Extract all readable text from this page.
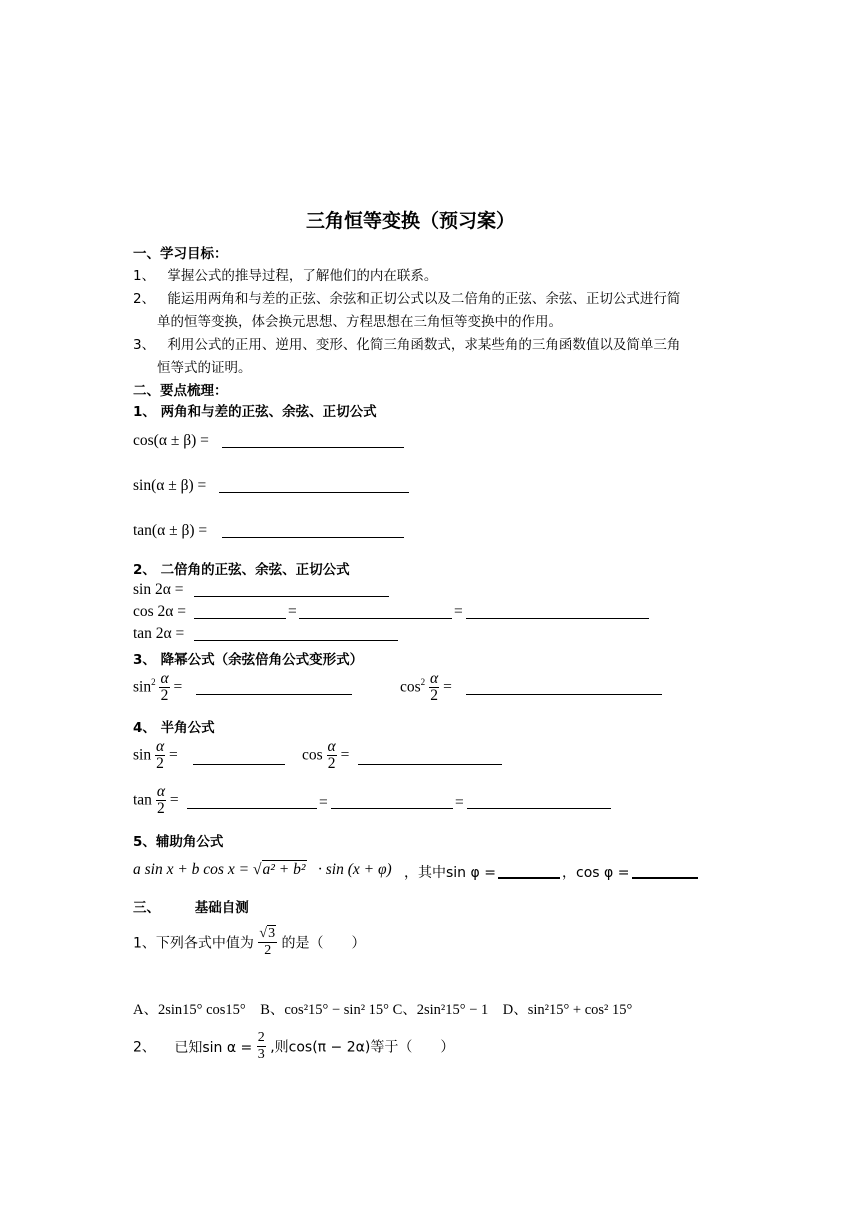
三角恒等变换（预习案）
一、学习目标：
1、 掌握公式的推导过程，了解他们的内在联系。
2、 能运用两角和与差的正弦、余弦和正切公式以及二倍角的正弦、余弦、正切公式进行简
单的恒等变换，体会换元思想、方程思想在三角恒等变换中的作用。
3、 利用公式的正用、逆用、变形、化简三角函数式，求某些角的三角函数值以及简单三角
恒等式的证明。
二、要点梳理：
1、 两角和与差的正弦、余弦、正切公式
cos(α ± β) =
sin(α ± β) =
tan(α ± β) =
2、 二倍角的正弦、余弦、正切公式
sin 2α =
cos 2α =	=	=
tan 2α =
3、 降幂公式（余弦倍角公式变形式）
$\sin^2 \frac{\alpha}{2}$ =	$\cos^2 \frac{\alpha}{2}$ =
4、 半角公式
$\sin \frac{\alpha}{2}$ =	$\cos \frac{\alpha}{2}$ =
$\tan \frac{\alpha}{2}$ =	=	=
5、辅助角公式
a sin x + b cos x = √a² + b² · sin (x + φ) ，其中sin φ =	，cos φ =
三、	基础自测
1、下列各式中值为 $\frac{√3}{2}$ 的是（　　）
A、2sin15° cos15°　B、cos²15° − sin² 15° C、2sin²15° − 1　D、sin²15° + cos² 15°
2、 已知$\sin \alpha = \frac{2}{3}$ ,则cos(π − 2α)等于（　　）
